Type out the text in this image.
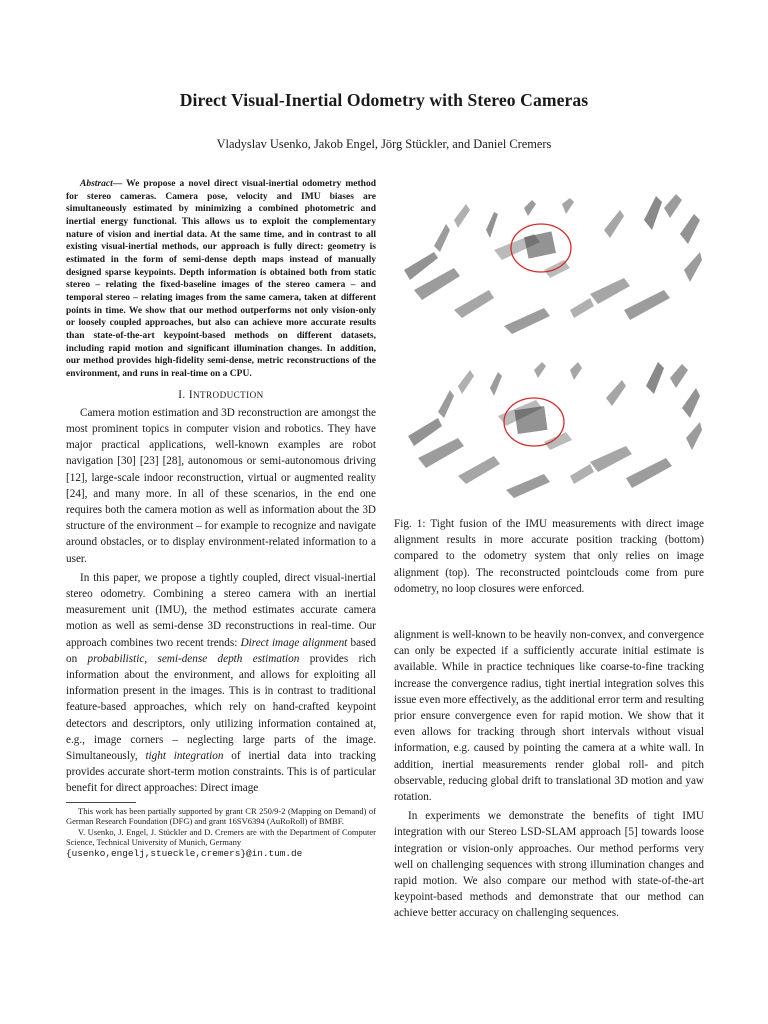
Direct Visual-Inertial Odometry with Stereo Cameras
Vladyslav Usenko, Jakob Engel, Jörg Stückler, and Daniel Cremers

Abstract— We propose a novel direct visual-inertial odometry method for stereo cameras. Camera pose, velocity and IMU biases are simultaneously estimated by minimizing a combined photometric and inertial energy functional. This allows us to exploit the complementary nature of vision and inertial data. At the same time, and in contrast to all existing visual-inertial methods, our approach is fully direct: geometry is estimated in the form of semi-dense depth maps instead of manually designed sparse keypoints. Depth information is obtained both from static stereo – relating the fixed-baseline images of the stereo camera – and temporal stereo – relating images from the same camera, taken at different points in time. We show that our method outperforms not only vision-only or loosely coupled approaches, but also can achieve more accurate results than state-of-the-art keypoint-based methods on different datasets, including rapid motion and significant illumination changes. In addition, our method provides high-fidelity semi-dense, metric reconstructions of the environment, and runs in real-time on a CPU.

I. INTRODUCTION

Camera motion estimation and 3D reconstruction are amongst the most prominent topics in computer vision and robotics. They have major practical applications, well-known examples are robot navigation [30] [23] [28], autonomous or semi-autonomous driving [12], large-scale indoor reconstruction, virtual or augmented reality [24], and many more. In all of these scenarios, in the end one requires both the camera motion as well as information about the 3D structure of the environment – for example to recognize and navigate around obstacles, or to display environment-related information to a user.

In this paper, we propose a tightly coupled, direct visual-inertial stereo odometry. Combining a stereo camera with an inertial measurement unit (IMU), the method estimates accurate camera motion as well as semi-dense 3D reconstructions in real-time. Our approach combines two recent trends: Direct image alignment based on probabilistic, semi-dense depth estimation provides rich information about the environment, and allows for exploiting all information present in the images. This is in contrast to traditional feature-based approaches, which rely on hand-crafted keypoint detectors and descriptors, only utilizing information contained at, e.g., image corners – neglecting large parts of the image. Simultaneously, tight integration of inertial data into tracking provides accurate short-term motion constraints. This is of particular benefit for direct approaches: Direct image

This work has been partially supported by grant CR 250/9-2 (Mapping on Demand) of German Research Foundation (DFG) and grant 16SV6394 (AuRoRoll) of BMBF.

V. Usenko, J. Engel, J. Stückler and D. Cremers are with the Department of Computer Science, Technical University of Munich, Germany

{usenko,engelj,stueckle,cremers}@in.tum.de

Fig. 1: Tight fusion of the IMU measurements with direct image alignment results in more accurate position tracking (bottom) compared to the odometry system that only relies on image alignment (top). The reconstructed pointclouds come from pure odometry, no loop closures were enforced.

alignment is well-known to be heavily non-convex, and convergence can only be expected if a sufficiently accurate initial estimate is available. While in practice techniques like coarse-to-fine tracking increase the convergence radius, tight inertial integration solves this issue even more effectively, as the additional error term and resulting prior ensure convergence even for rapid motion. We show that it even allows for tracking through short intervals without visual information, e.g. caused by pointing the camera at a white wall. In addition, inertial measurements render global roll- and pitch observable, reducing global drift to translational 3D motion and yaw rotation.

In experiments we demonstrate the benefits of tight IMU integration with our Stereo LSD-SLAM approach [5] towards loose integration or vision-only approaches. Our method performs very well on challenging sequences with strong illumination changes and rapid motion. We also compare our method with state-of-the-art keypoint-based methods and demonstrate that our method can achieve better accuracy on challenging sequences.
